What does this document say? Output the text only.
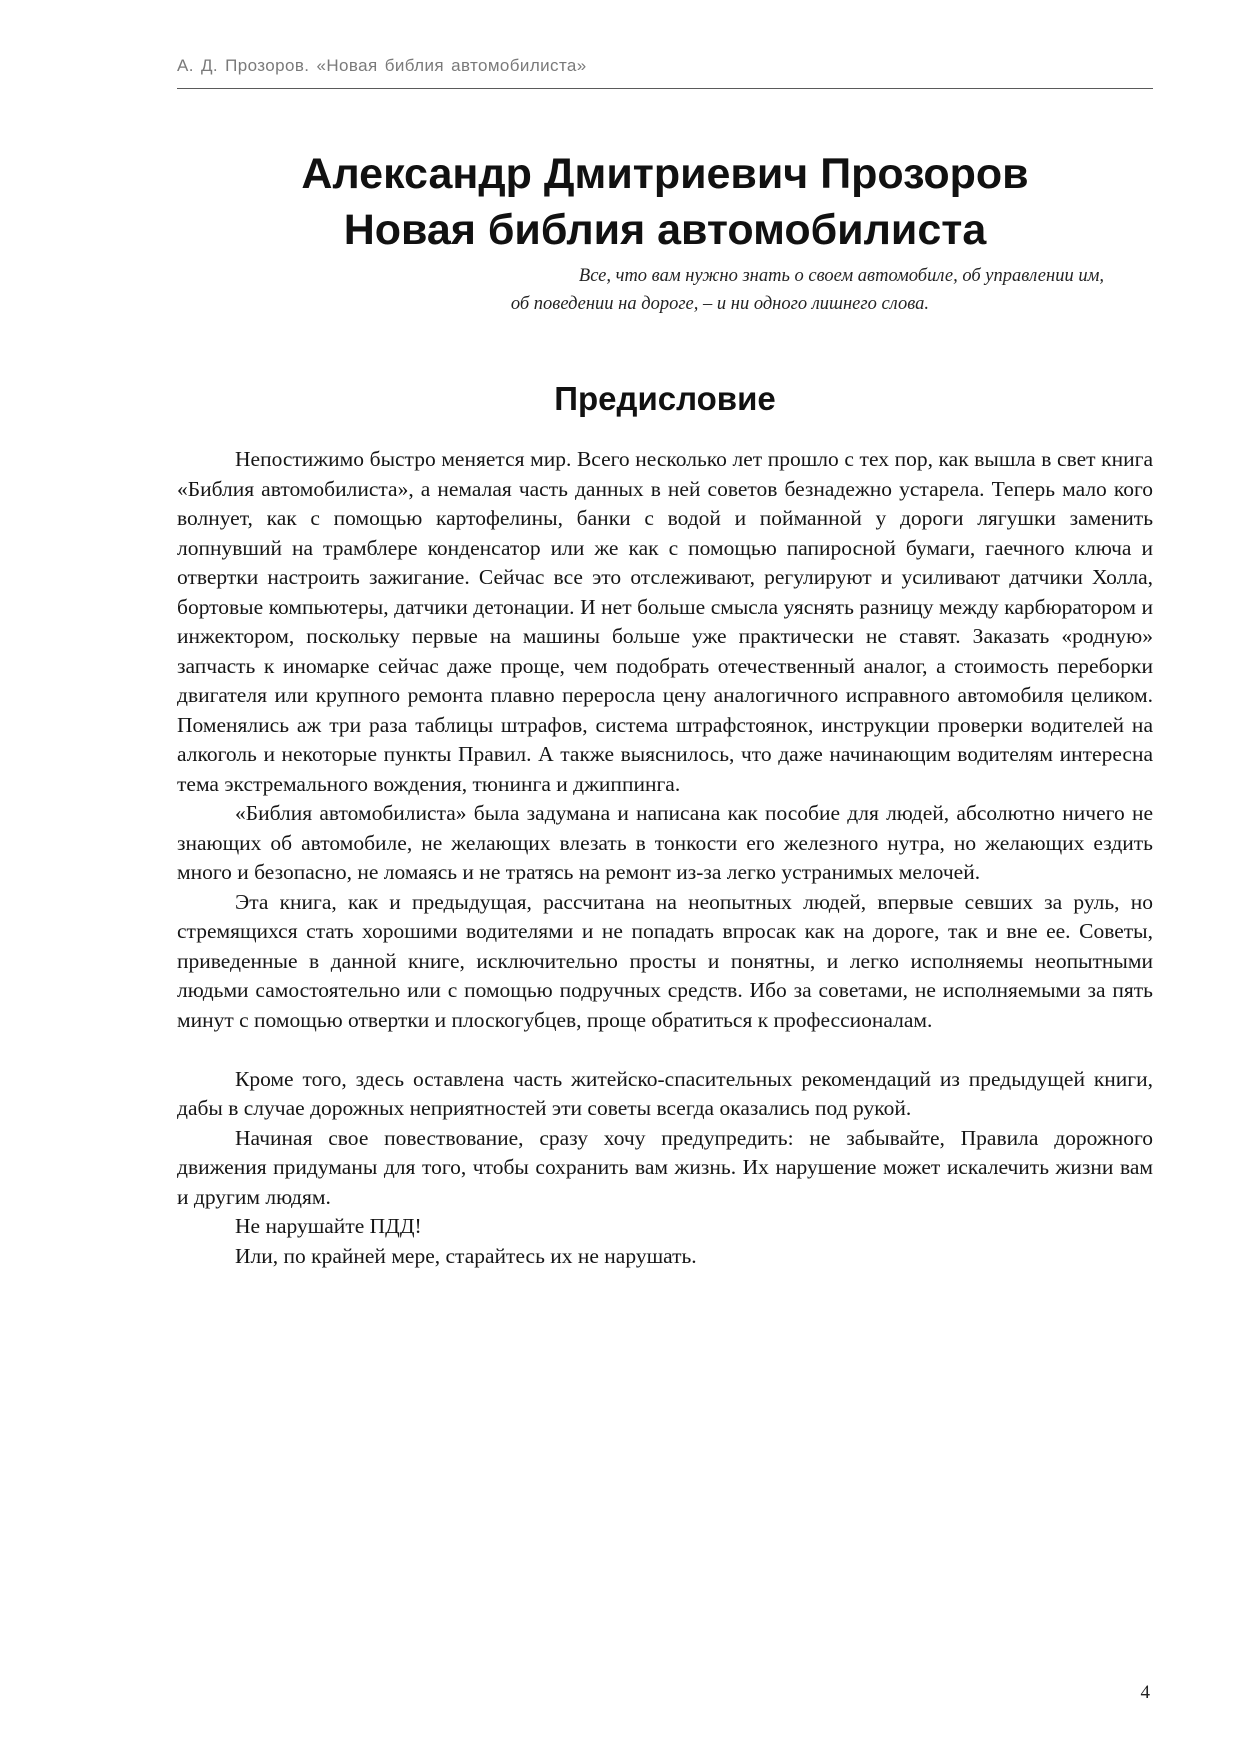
А. Д. Прозоров. «Новая библия автомобилиста»
Александр Дмитриевич Прозоров
Новая библия автомобилиста
Все, что вам нужно знать о своем автомобиле, об управлении им,
об поведении на дороге, – и ни одного лишнего слова.
Предисловие

Непостижимо быстро меняется мир. Всего несколько лет прошло с тех пор, как вышла в свет книга «Библия автомобилиста», а немалая часть данных в ней советов безнадежно устарела. Теперь мало кого волнует, как с помощью картофелины, банки с водой и пойманной у дороги лягушки заменить лопнувший на трамблере конденсатор или же как с помощью папиросной бумаги, гаечного ключа и отвертки настроить зажигание. Сейчас все это отслеживают, регулируют и усиливают датчики Холла, бортовые компьютеры, датчики детонации. И нет больше смысла уяснять разницу между карбюратором и инжектором, поскольку первые на машины больше уже практически не ставят. Заказать «родную» запчасть к иномарке сейчас даже проще, чем подобрать отечественный аналог, а стоимость переборки двигателя или крупного ремонта плавно переросла цену аналогичного исправного автомобиля целиком. Поменялись аж три раза таблицы штрафов, система штрафстоянок, инструкции проверки водителей на алкоголь и некоторые пункты Правил. А также выяснилось, что даже начинающим водителям интересна тема экстремального вождения, тюнинга и джиппинга.

«Библия автомобилиста» была задумана и написана как пособие для людей, абсолютно ничего не знающих об автомобиле, не желающих влезать в тонкости его железного нутра, но желающих ездить много и безопасно, не ломаясь и не тратясь на ремонт из-за легко устранимых мелочей.

Эта книга, как и предыдущая, рассчитана на неопытных людей, впервые севших за руль, но стремящихся стать хорошими водителями и не попадать впросак как на дороге, так и вне ее. Советы, приведенные в данной книге, исключительно просты и понятны, и легко исполняемы неопытными людьми самостоятельно или с помощью подручных средств. Ибо за советами, не исполняемыми за пять минут с помощью отвертки и плоскогубцев, проще обратиться к профессионалам.

Кроме того, здесь оставлена часть житейско-спасительных рекомендаций из предыдущей книги, дабы в случае дорожных неприятностей эти советы всегда оказались под рукой.

Начиная свое повествование, сразу хочу предупредить: не забывайте, Правила дорожного движения придуманы для того, чтобы сохранить вам жизнь. Их нарушение может искалечить жизни вам и другим людям.

Не нарушайте ПДД!

Или, по крайней мере, старайтесь их не нарушать.

4
